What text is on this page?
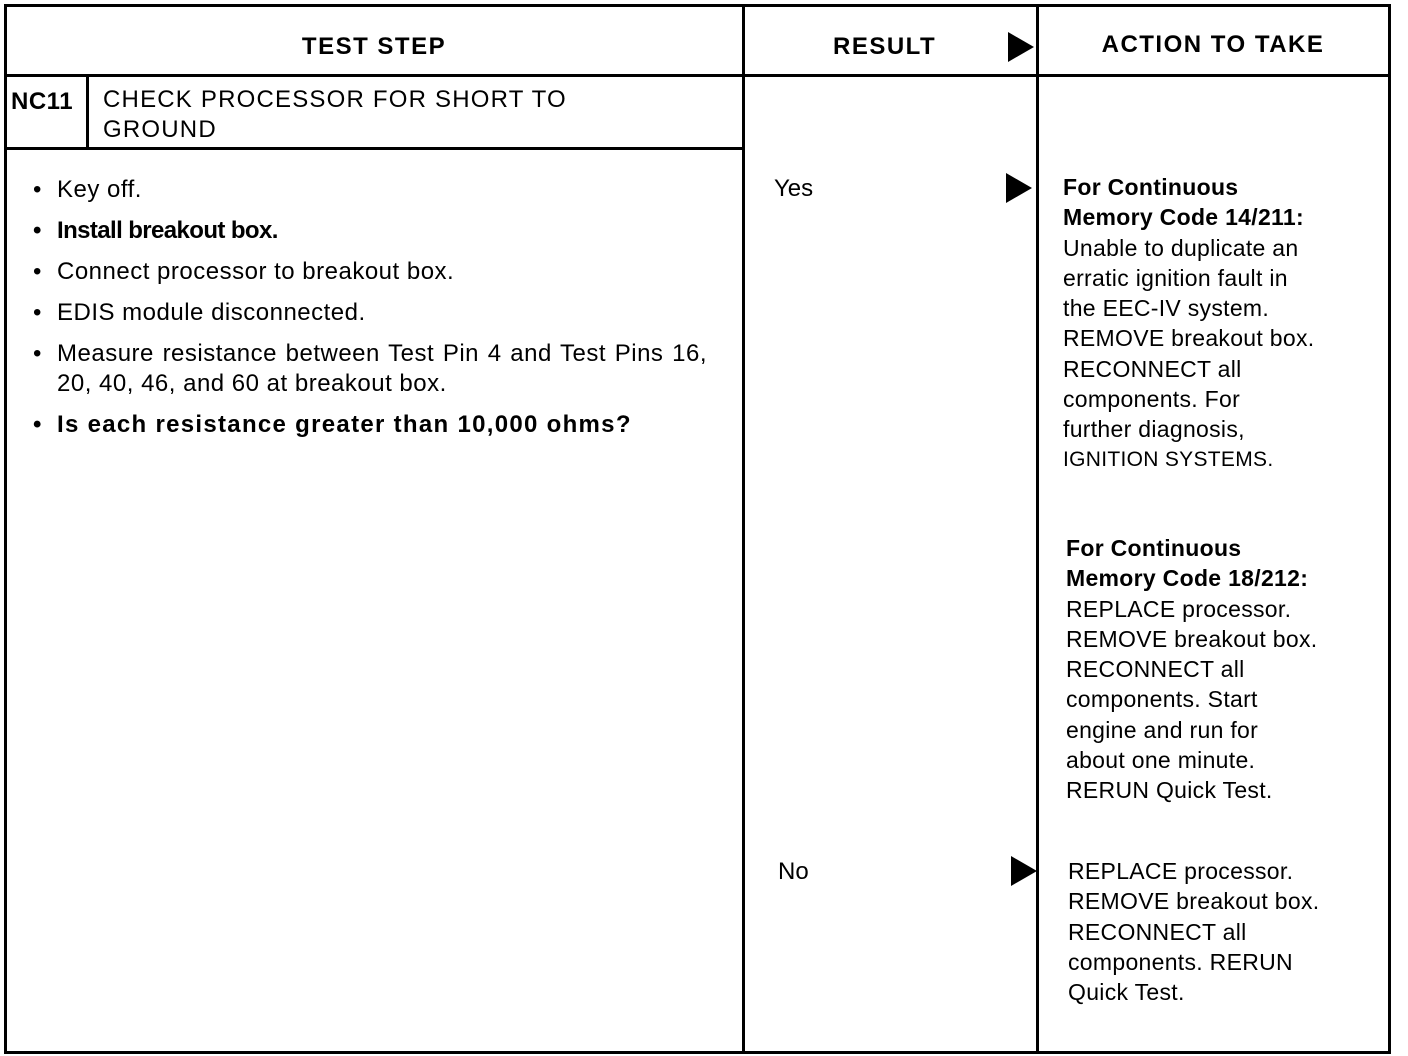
TEST STEP	RESULT	ACTION TO TAKE
NC11 CHECK PROCESSOR FOR SHORT TO
GROUND
• Key off.
• Install breakout box.
• Connect processor to breakout box.
• EDIS module disconnected.
• Measure resistance between Test Pin 4 and Test Pins 16, 20, 40, 46, and 60 at breakout box.
• Is each resistance greater than 10,000 ohms?
Yes
No
For Continuous
Memory Code 14/211:
Unable to duplicate an
erratic ignition fault in
the EEC-IV system.
REMOVE breakout box.
RECONNECT all
components. For
further diagnosis,
IGNITION SYSTEMS.
For Continuous
Memory Code 18/212:
REPLACE processor.
REMOVE breakout box.
RECONNECT all
components. Start
engine and run for
about one minute.
RERUN Quick Test.
REPLACE processor.
REMOVE breakout box.
RECONNECT all
components. RERUN
Quick Test.
